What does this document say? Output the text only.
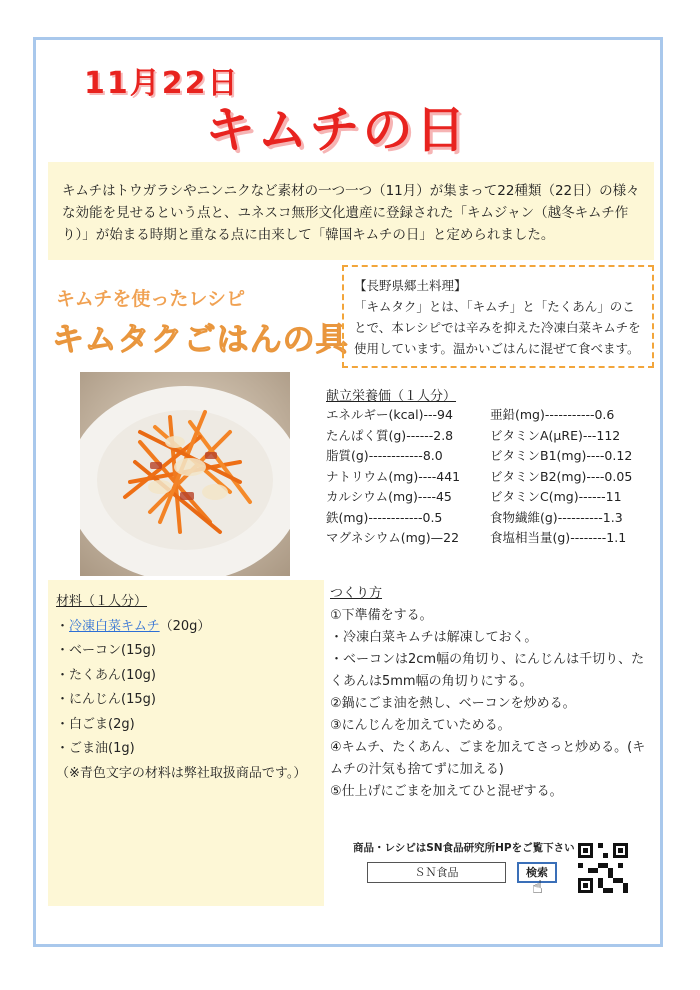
11月22日
キムチの日
キムチはトウガラシやニンニクなど素材の一つ一つ（11月）が集まって22種類（22日）の様々な効能を見せるという点と、ユネスコ無形文化遺産に登録された「キムジャン（越冬キムチ作り）」が始まる時期と重なる点に由来して「韓国キムチの日」と定められました。
キムチを使ったレシピ
キムタクごはんの具
【長野県郷土料理】
「キムタク」とは、「キムチ」と「たくあん」のことで、本レシピでは辛みを抑えた冷凍白菜キムチを使用しています。温かいごはんに混ぜて食べます。
献立栄養価（１人分）
エネルギー(kcal)---94
たんぱく質(g)------2.8
脂質(g)------------8.0
ナトリウム(mg)----441
カルシウム(mg)----45
鉄(mg)------------0.5
マグネシウム(mg)—22
亜鉛(mg)-----------0.6
ビタミンA(μRE)---112
ビタミンB1(mg)----0.12
ビタミンB2(mg)----0.05
ビタミンC(mg)------11
食物繊維(g)----------1.3
食塩相当量(g)--------1.1
材料（１人分）
・冷凍白菜キムチ（20g）
・ベーコン(15g)
・たくあん(10g)
・にんじん(15g)
・白ごま(2g)
・ごま油(1g)
（※青色文字の材料は弊社取扱商品です。）
つくり方
①下準備をする。
・冷凍白菜キムチは解凍しておく。
・ベーコンは2cm幅の角切り、にんじんは千切り、たくあんは5mm幅の角切りにする。
②鍋にごま油を熱し、ベーコンを炒める。
③にんじんを加えていためる。
④キムチ、たくあん、ごまを加えてさっと炒める。(キムチの汁気も捨てずに加える)
⑤仕上げにごまを加えてひと混ぜする。
商品・レシピはSN食品研究所HPをご覧下さい
ＳＮ食品	検索
☝
